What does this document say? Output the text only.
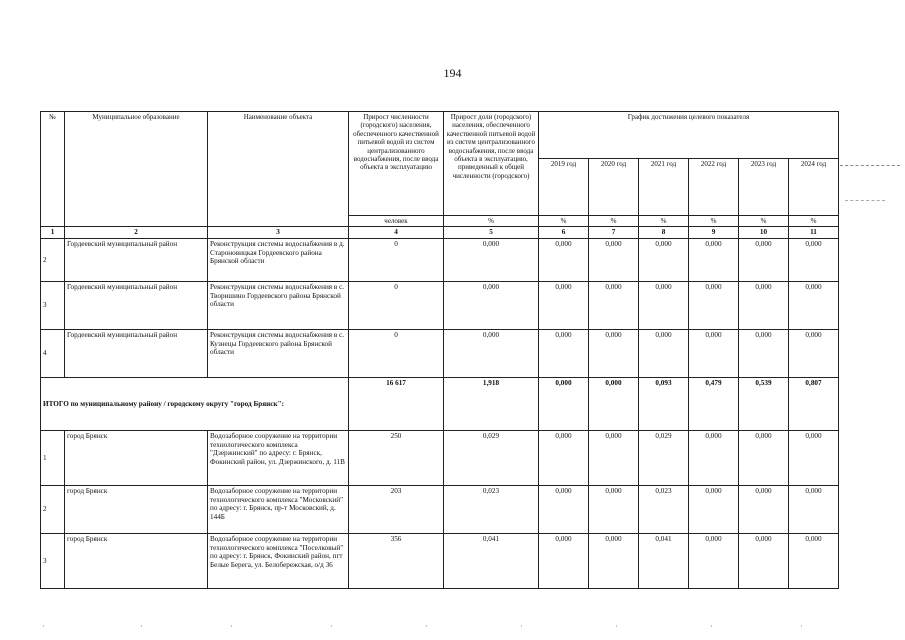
194
№	Муниципальное образование	Наименование объекта	Прирост численности (городского) населения, обеспеченного качественной питьевой водой из систем централизованного водоснабжения, после ввода объекта в эксплуатацию	Прирост доли (городского) населения, обеспеченного качественной питьевой водой из систем централизованного водоснабжения, после ввода объекта в эксплуатацию, приведенный к общей численности (городского)	График достижения целевого показателя					
					2019 год	2020 год	2021 год	2022 год	2023 год	2024 год
			человек	%	%	%	%	%	%	%
1	2	3	4	5	6	7	8	9	10	11
2	Гордеевский муниципальный район	Реконструкция системы водоснабжения в д. Староновицкая Гордеевского района Брянской области	0	0,000	0,000	0,000	0,000	0,000	0,000	0,000
3	Гордеевский муниципальный район	Реконструкция системы водоснабжения в с. Творишино Гордеевского района Брянской области	0	0,000	0,000	0,000	0,000	0,000	0,000	0,000
4	Гордеевский муниципальный район	Реконструкция системы водоснабжения в с. Кузнецы Гордеевского района Брянской области	0	0,000	0,000	0,000	0,000	0,000	0,000	0,000
ИТОГО по муниципальному району / городскому округу "город Брянск":			16 617	1,918	0,000	0,000	0,093	0,479	0,539	0,807
1	город Брянск	Водозаборное сооружение на территории технологического комплекса "Дзержинский" по адресу: г. Брянск, Фокинский район, ул. Дзержинского, д. 11В	250	0,029	0,000	0,000	0,029	0,000	0,000	0,000
2	город Брянск	Водозаборное сооружение на территории технологического комплекса "Московский" по адресу: г. Брянск, пр-т Московский, д. 144Б	203	0,023	0,000	0,000	0,023	0,000	0,000	0,000
3	город Брянск	Водозаборное сооружение на территории технологического комплекса "Поселковый" по адресу: г. Брянск, Фокинский район, пгт Белые Берега, ул. Белобережская, о/д 36	356	0,041	0,000	0,000	0,041	0,000	0,000	0,000
·	·	·	·	·	·	·	·	·
